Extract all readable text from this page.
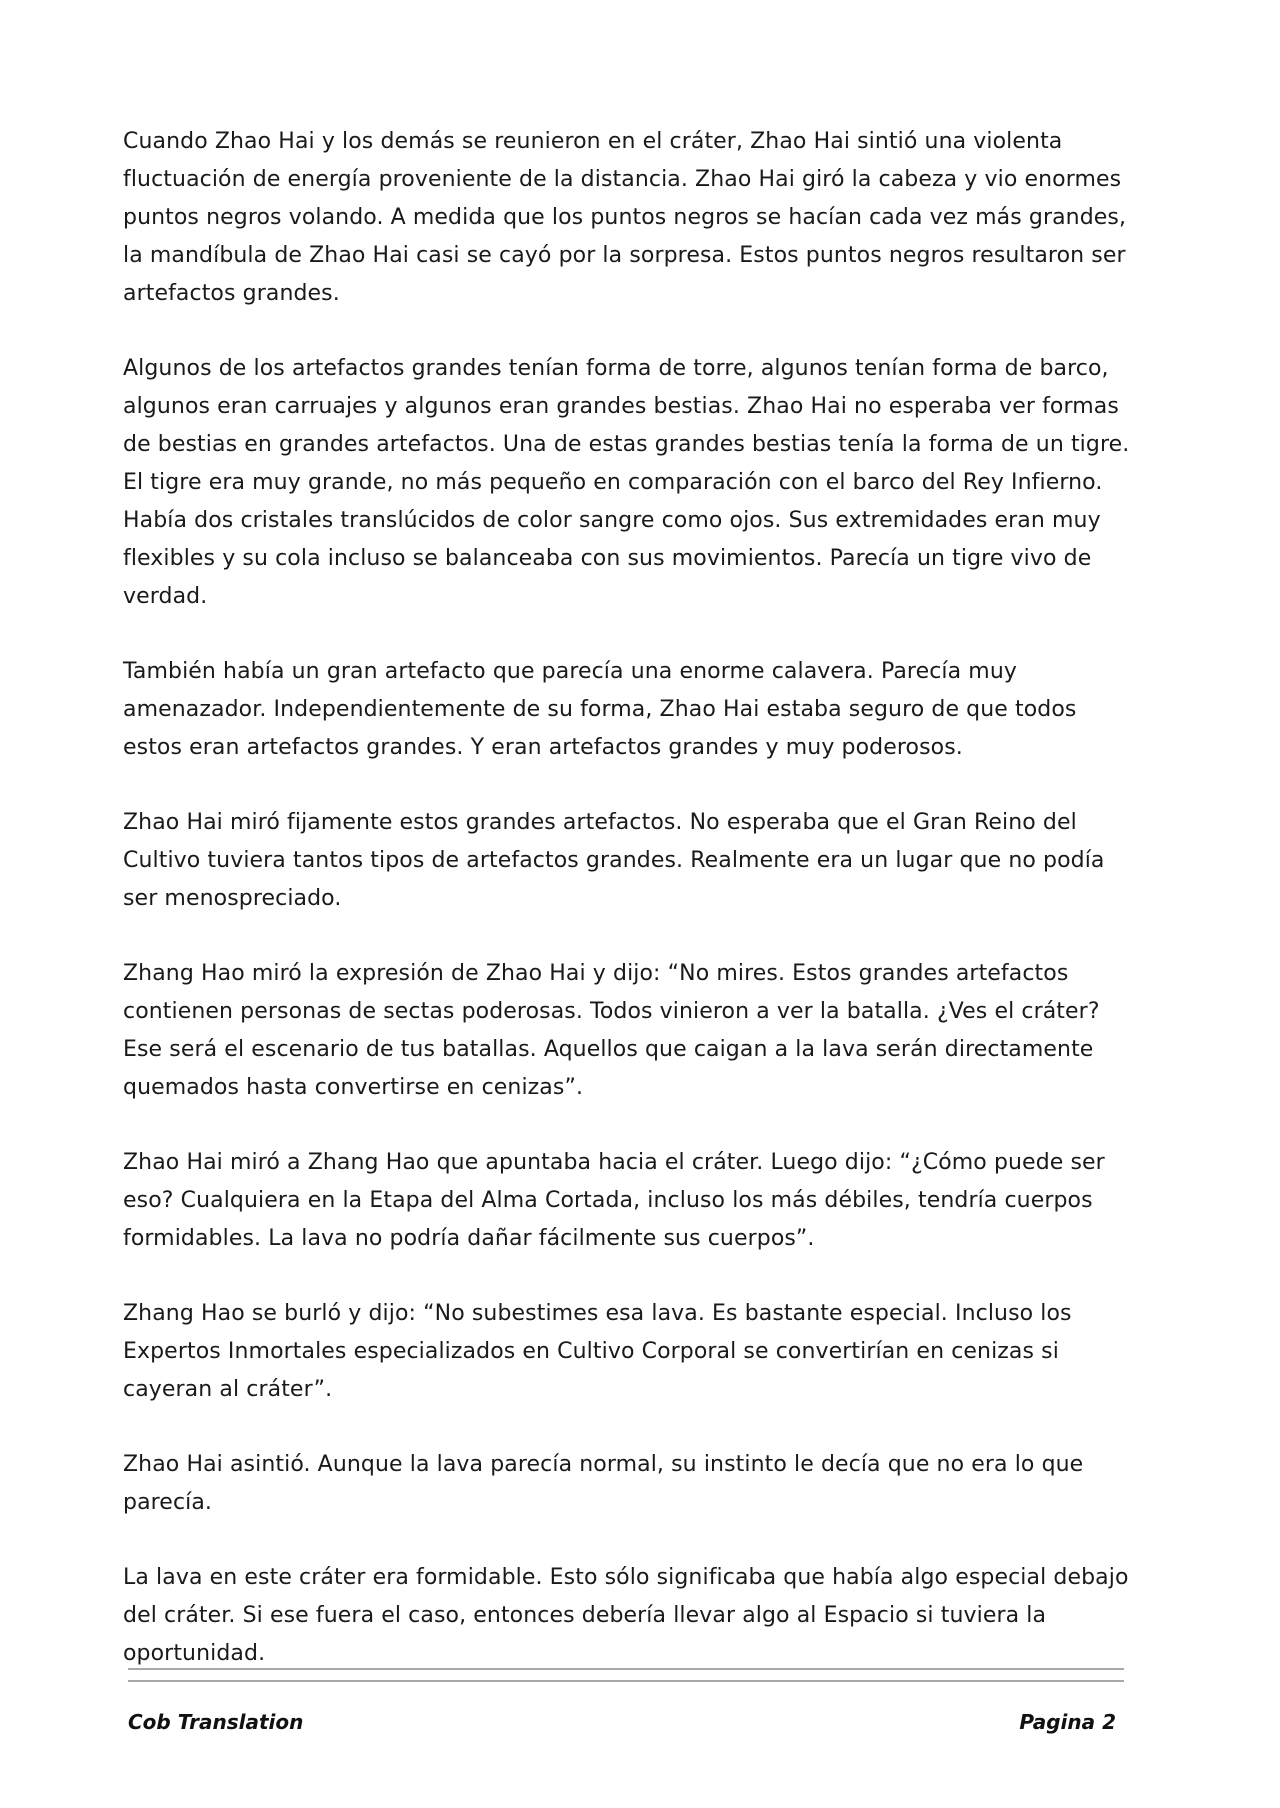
Cuando Zhao Hai y los demás se reunieron en el cráter, Zhao Hai sintió una violenta fluctuación de energía proveniente de la distancia. Zhao Hai giró la cabeza y vio enormes puntos negros volando. A medida que los puntos negros se hacían cada vez más grandes, la mandíbula de Zhao Hai casi se cayó por la sorpresa. Estos puntos negros resultaron ser artefactos grandes.

Algunos de los artefactos grandes tenían forma de torre, algunos tenían forma de barco, algunos eran carruajes y algunos eran grandes bestias. Zhao Hai no esperaba ver formas de bestias en grandes artefactos. Una de estas grandes bestias tenía la forma de un tigre. El tigre era muy grande, no más pequeño en comparación con el barco del Rey Infierno. Había dos cristales translúcidos de color sangre como ojos. Sus extremidades eran muy flexibles y su cola incluso se balanceaba con sus movimientos. Parecía un tigre vivo de verdad.

También había un gran artefacto que parecía una enorme calavera. Parecía muy amenazador. Independientemente de su forma, Zhao Hai estaba seguro de que todos estos eran artefactos grandes. Y eran artefactos grandes y muy poderosos.

Zhao Hai miró fijamente estos grandes artefactos. No esperaba que el Gran Reino del Cultivo tuviera tantos tipos de artefactos grandes. Realmente era un lugar que no podía ser menospreciado.

Zhang Hao miró la expresión de Zhao Hai y dijo: “No mires. Estos grandes artefactos contienen personas de sectas poderosas. Todos vinieron a ver la batalla. ¿Ves el cráter? Ese será el escenario de tus batallas. Aquellos que caigan a la lava serán directamente quemados hasta convertirse en cenizas”.

Zhao Hai miró a Zhang Hao que apuntaba hacia el cráter. Luego dijo: “¿Cómo puede ser eso? Cualquiera en la Etapa del Alma Cortada, incluso los más débiles, tendría cuerpos formidables. La lava no podría dañar fácilmente sus cuerpos”.

Zhang Hao se burló y dijo: “No subestimes esa lava. Es bastante especial. Incluso los Expertos Inmortales especializados en Cultivo Corporal se convertirían en cenizas si cayeran al cráter”.

Zhao Hai asintió. Aunque la lava parecía normal, su instinto le decía que no era lo que parecía.

La lava en este cráter era formidable. Esto sólo significaba que había algo especial debajo del cráter. Si ese fuera el caso, entonces debería llevar algo al Espacio si tuviera la oportunidad.

Cob Translation	Pagina 2
